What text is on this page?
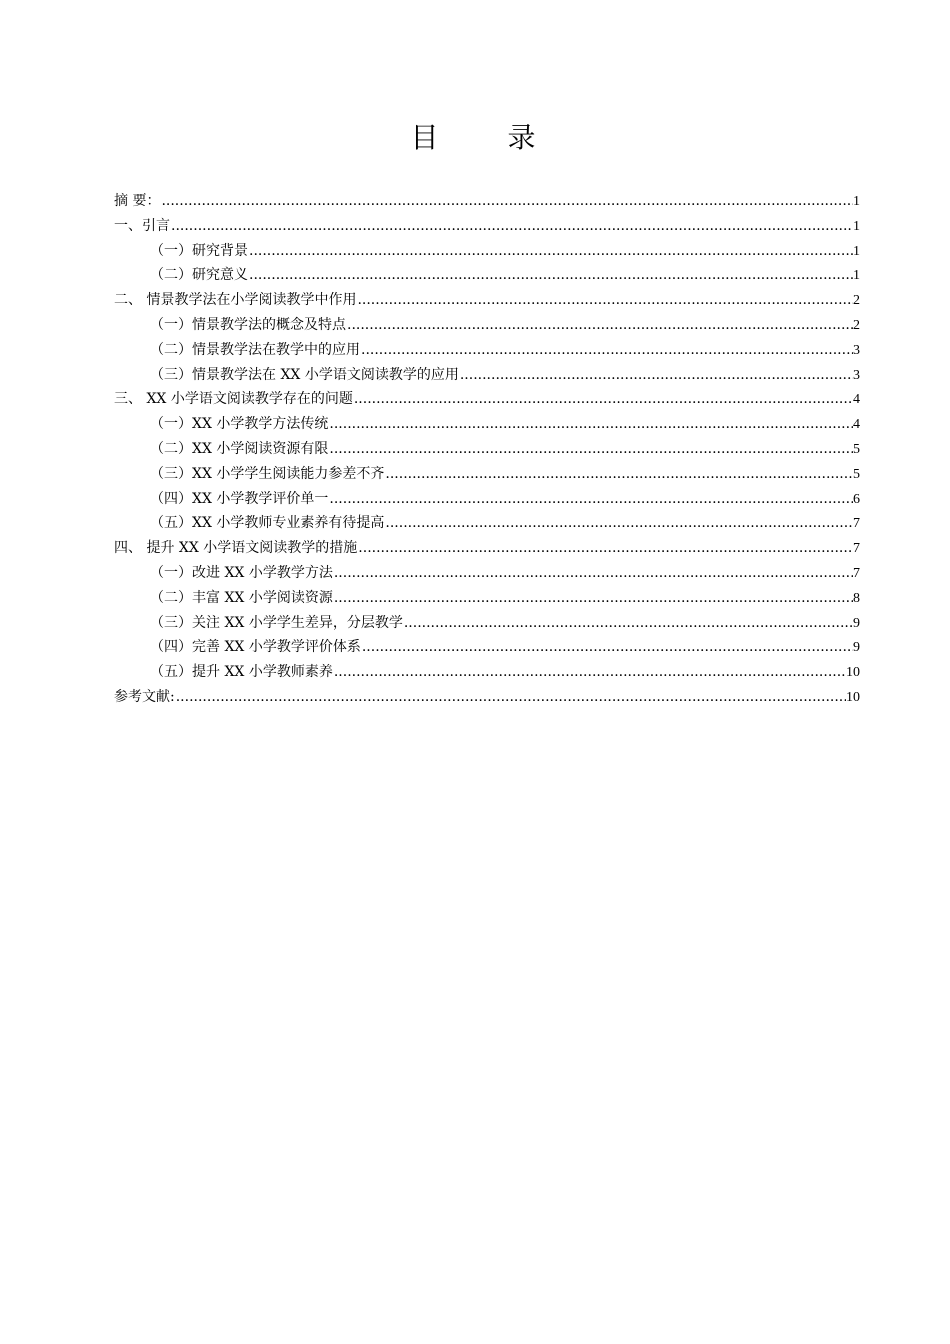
目 录
摘 要： .....	1
一、引言 .....	1
（一）研究背景 .....	1
（二）研究意义 .....	1
二、 情景教学法在小学阅读教学中作用 .....	2
（一）情景教学法的概念及特点 .....	2
（二）情景教学法在教学中的应用 .....	3
（三）情景教学法在 XX 小学语文阅读教学的应用 .....	3
三、 XX 小学语文阅读教学存在的问题 .....	4
（一）XX 小学教学方法传统 .....	4
（二）XX 小学阅读资源有限 .....	5
（三）XX 小学学生阅读能力参差不齐 .....	5
（四）XX 小学教学评价单一 .....	6
（五）XX 小学教师专业素养有待提高 .....	7
四、 提升 XX 小学语文阅读教学的措施 .....	7
（一）改进 XX 小学教学方法 .....	7
（二）丰富 XX 小学阅读资源 .....	8
（三）关注 XX 小学学生差异，分层教学 .....	9
（四）完善 XX 小学教学评价体系 .....	9
（五）提升 XX 小学教师素养 .....	10
参考文献: .....	10
